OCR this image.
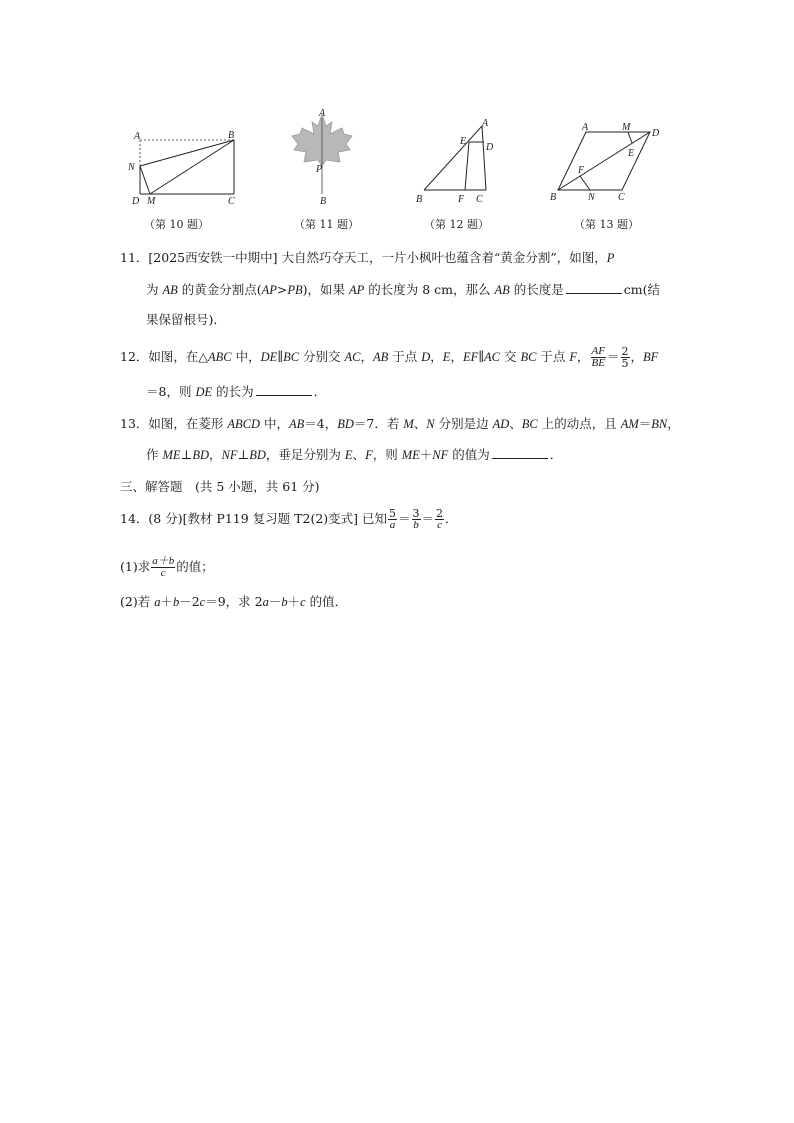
A	B
C
D M
N
（第 10 题）
A
P
B
（第 11 题）
A
E
D
B	F C
（第 12 题）
A	M
D
E
F
B	N C
（第 13 题）
11．[2025西安铁一中期中] 大自然巧夺天工，一片小枫叶也蕴含着“黄金分割”，如图，P
为 AB 的黄金分割点(AP>PB)，如果 AP 的长度为 8 cm，那么 AB 的长度是	cm(结
果保留根号)．
12．如图，在△ABC 中，DE∥BC 分别交 AC，AB 于点 D，E，EF∥AC 交 BC 于点 F， $\frac{AF}{BE} = \frac{2}{5}$ ，BF
＝8，则 DE 的长为	．
13．如图，在菱形 ABCD 中，AB＝4，BD＝7．若 M、N 分别是边 AD、BC 上的动点，且 AM＝BN，
作 ME⊥BD，NF⊥BD，垂足分别为 E、F，则 ME＋NF 的值为	．
三、解答题　(共 5 小题，共 61 分)
14．(8 分)[教材 P119 复习题 T2(2)变式] 已知 $\frac{5}{a} = \frac{3}{b} = \frac{2}{c}$ ．
(1)求 $\frac{a+b}{c}$ 的值；
(2)若 a＋b－2c＝9，求 2a－b＋c 的值．
